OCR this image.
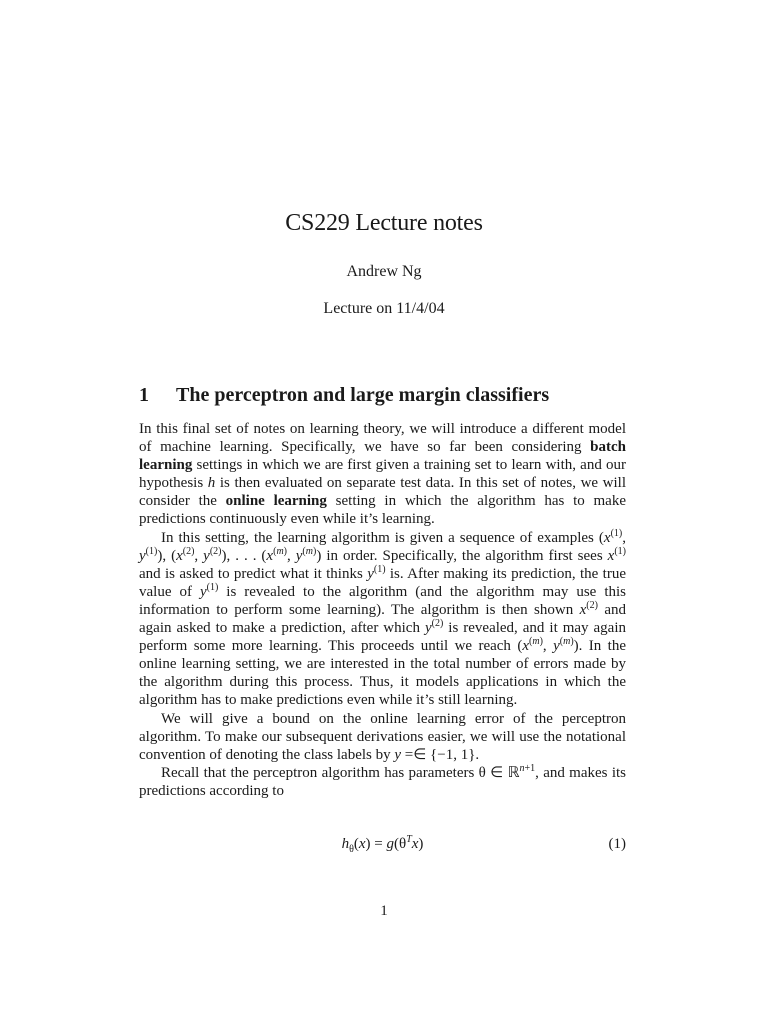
CS229 Lecture notes
Andrew Ng
Lecture on 11/4/04
1 The perceptron and large margin classifiers

In this final set of notes on learning theory, we will introduce a different model of machine learning. Specifically, we have so far been considering batch learning settings in which we are first given a training set to learn with, and our hypothesis h is then evaluated on separate test data. In this set of notes, we will consider the online learning setting in which the algorithm has to make predictions continuously even while it’s learning.

In this setting, the learning algorithm is given a sequence of examples ($x^{(1)}$, $y^{(1)}$), ($x^{(2)}$, $y^{(2)}$), . . . ($x^{(m)}$, $y^{(m)}$) in order. Specifically, the algorithm first sees $x^{(1)}$ and is asked to predict what it thinks $y^{(1)}$ is. After making its prediction, the true value of $y^{(1)}$ is revealed to the algorithm (and the algorithm may use this information to perform some learning). The algorithm is then shown $x^{(2)}$ and again asked to make a prediction, after which $y^{(2)}$ is revealed, and it may again perform some more learning. This proceeds until we reach ($x^{(m)}$, $y^{(m)}$). In the online learning setting, we are interested in the total number of errors made by the algorithm during this process. Thus, it models applications in which the algorithm has to make predictions even while it’s still learning.

We will give a bound on the online learning error of the perceptron algorithm. To make our subsequent derivations easier, we will use the notational convention of denoting the class labels by y =∈ {−1, 1}.

Recall that the perceptron algorithm has parameters θ ∈ ℝ$^{n+1}$, and makes its predictions according to

$h_\theta(x) = g(\theta^Tx)$	(1)
1
